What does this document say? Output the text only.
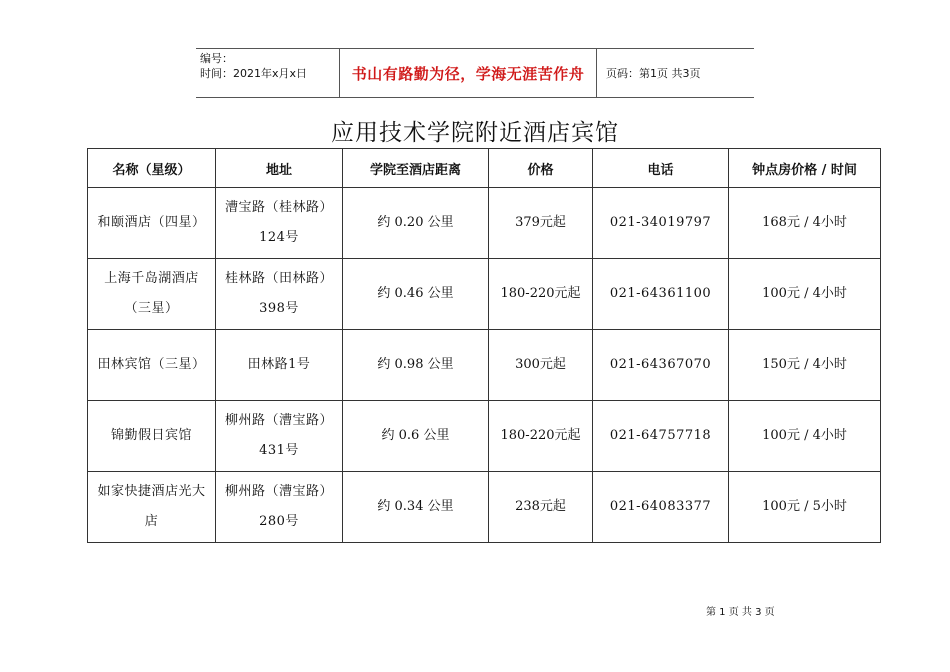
编号：
时间：2021年x月x日	书山有路勤为径，学海无涯苦作舟	页码：第1页 共3页
应用技术学院附近酒店宾馆
名称（星级）	地址	学院至酒店距离	价格	电话	钟点房价格 / 时间
和颐酒店（四星）	漕宝路（桂林路）124号	约 0.20 公里	379元起	021-34019797	168元 / 4小时
上海千岛湖酒店（三星）	桂林路（田林路）398号	约 0.46 公里	180-220元起	021-64361100	100元 / 4小时
田林宾馆（三星）	田林路1号	约 0.98 公里	300元起	021-64367070	150元 / 4小时
锦勤假日宾馆	柳州路（漕宝路）431号	约 0.6 公里	180-220元起	021-64757718	100元 / 4小时
如家快捷酒店光大店	柳州路（漕宝路）280号	约 0.34 公里	238元起	021-64083377	100元 / 5小时
第 1 页 共 3 页
